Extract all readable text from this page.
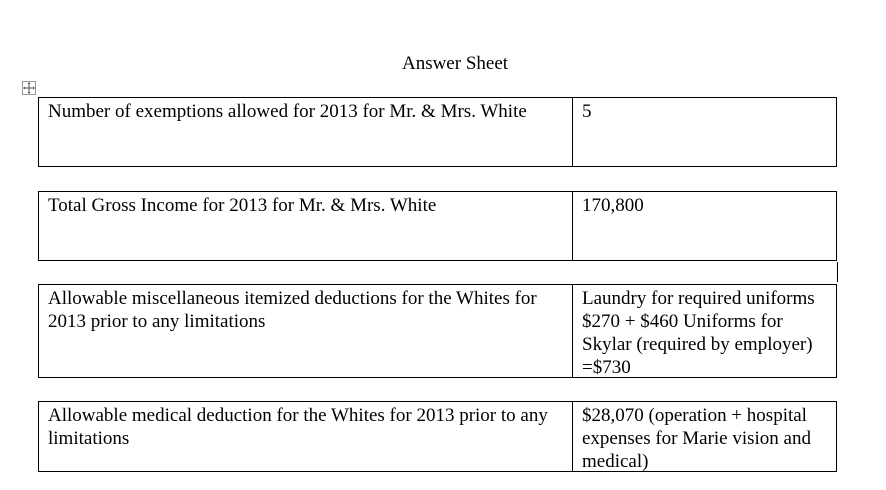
Answer Sheet
Number of exemptions allowed for 2013 for Mr. & Mrs. White	5
Total Gross Income for 2013 for Mr. & Mrs. White	170,800
Allowable miscellaneous itemized deductions for the Whites for 2013 prior to any limitations
Laundry for required uniforms $270 + $460 Uniforms for Skylar (required by employer) =$730
Allowable medical deduction for the Whites for 2013 prior to any limitations
$28,070 (operation + hospital expenses for Marie vision and medical)
